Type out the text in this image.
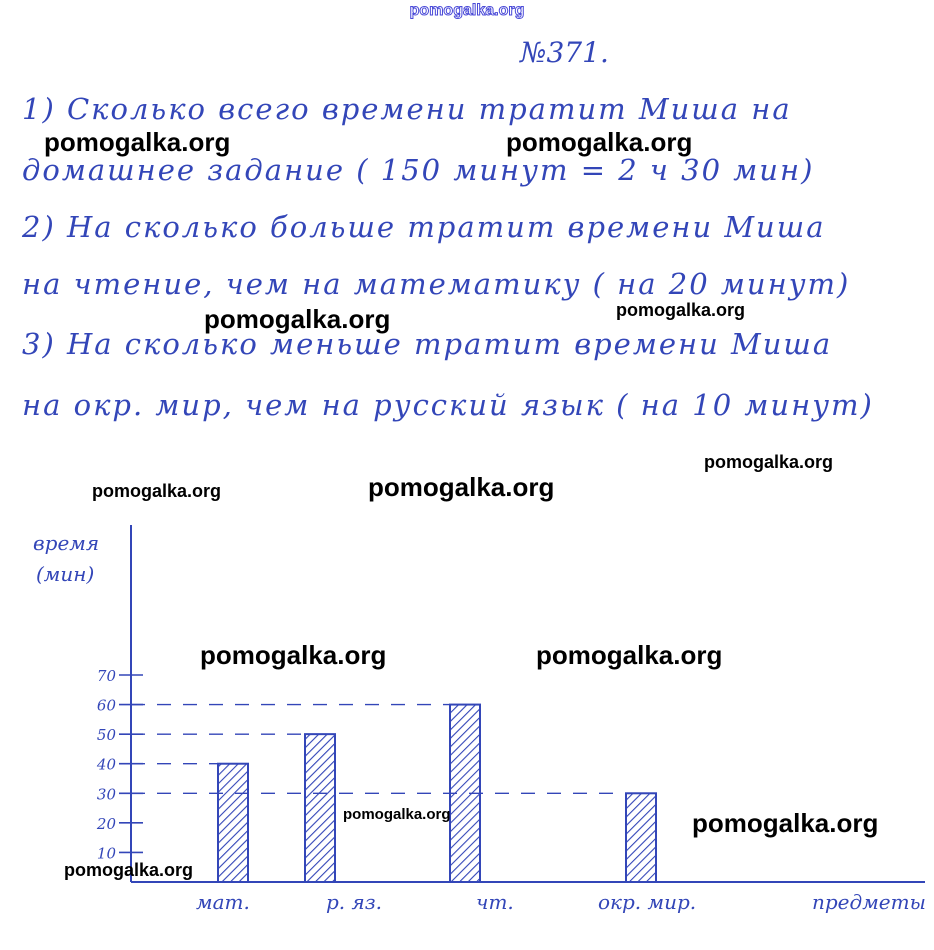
pomogalka.org
№371.
1) Сколько всего времени тратит Миша на
домашнее задание ( 150 минут = 2 ч 30 мин)
2) На сколько больше тратит времени Миша
на чтение, чем на математику ( на 20 минут)
3) На сколько меньше тратит времени Миша
на окр. мир, чем на русский язык ( на 10 минут)
10
20
30
40
50
60
70
мат.	р. яз.	чт.	окр. мир.
время
(мин)
предметы
pomogalka.org	pomogalka.org
pomogalka.org	pomogalka.org
pomogalka.org
pomogalka.org	pomogalka.org
pomogalka.org	pomogalka.org
pomogalka.org	pomogalka.org
pomogalka.org
